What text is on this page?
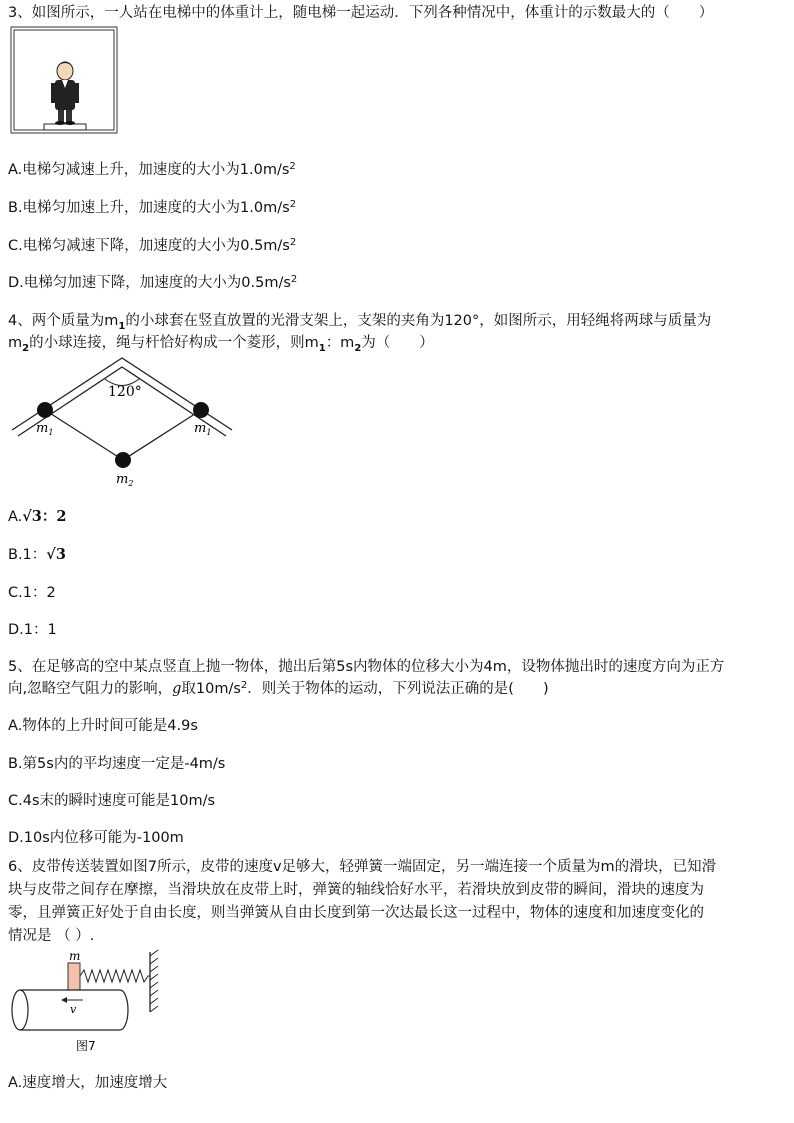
3、如图所示，一人站在电梯中的体重计上，随电梯一起运动．下列各种情况中，体重计的示数最大的（　　）
A.电梯匀减速上升，加速度的大小为$1.0m/s^2$
B.电梯匀加速上升，加速度的大小为$1.0m/s^2$
C.电梯匀减速下降，加速度的大小为$0.5m/s^2$
D.电梯匀加速下降，加速度的大小为$0.5m/s^2$
4、两个质量为$m_1$的小球套在竖直放置的光滑支架上，支架的夹角为120°，如图所示，用轻绳将两球与质量为
$m_2$的小球连接，绳与杆恰好构成一个菱形，则$m_1$：$m_2$为（　　）
120°
$m_1$	$m_1$
$m_2$
A.√3：2
B.1：√3
C.1：2
D.1：1
5、在足够高的空中某点竖直上抛一物体，抛出后第5s内物体的位移大小为4m，设物体抛出时的速度方向为正方
向,忽略空气阻力的影响，g取$10m/s^2$．则关于物体的运动，下列说法正确的是(　　)
A.物体的上升时间可能是4.9s
B.第5s内的平均速度一定是-4m/s
C.4s末的瞬时速度可能是10m/s
D.10s内位移可能为-100m
6、皮带传送装置如图7所示，皮带的速度v足够大，轻弹簧一端固定，另一端连接一个质量为m的滑块，已知滑
块与皮带之间存在摩擦，当滑块放在皮带上时，弹簧的轴线恰好水平，若滑块放到皮带的瞬间，滑块的速度为
零，且弹簧正好处于自由长度，则当弹簧从自由长度到第一次达最长这一过程中，物体的速度和加速度变化的
情况是 （ ）.
m
v
图7
A.速度增大，加速度增大
